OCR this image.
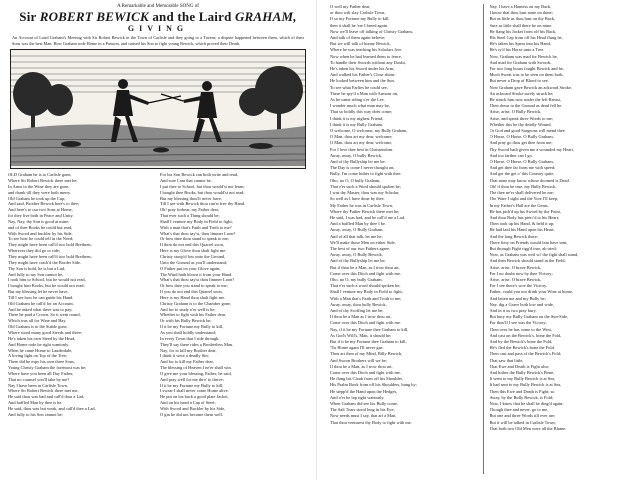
A Remarkable and Memorable SONG of
Sir ROBERT BEWICK and the Laird GRAHAM,
GIVING
An Account of Laird Graham's Meeting with Sir Robert Bewick in the Town of Carlisle and they going to a Tavern; a dispute happened between them, which of their Sons was the best Man. How Graham rode Home in a Passion, and caused his Son to fight young Bewick, which proved their Death.
OLD Graham he is to Carlisle gone,
Where Sir Robert Bewick there met he;
In Arms to the Wine they are gone,
and drank till they were both merry.
Old Graham he took up the Cup,
And said, Brother Bewick here's to thee;
And here's to our two Sons at Home,
for they live both in Peace and Unity.
Nay, Nay, thy Son is good at mine,
and of thee Books he could but read,
With Sword and buckler by his Side,
To see how he could tell in the Need;
They might have been call'd two bold Brethren,
Wherever they did go or ride;
They might have been call'd two bold Brethren,
They might have crack'd the Border Side.
Thy Son is bold, he is but a Lad,
And fully to my Son cannot be,
I took him to School, but he would not read,
I bought him Books, but he would not read;
But my blessing let he never have,
Till I see how he can guide his Hand.
Old Graham he call'd for an Account,
And he asked what there was to pay;
There he paid a Crown, So it went round,
Which was all for Wine and Hay.
Old Graham is to the Stable gone,
Where stood many good Steeds and three;
He's taken his own Steed by the Head,
And Home rode he right wantonly.
When he came Home to Lauderdale,
A loving light on Top of the Tree;
There did he espy his own three Sons,
Young Christy Graham the foremost was he;
Where have you been all Day Father,
That no counsel you'll take by me?
Nay I have been in Carlisle Town,
Where Sir Robert Bewick there met me,
He said thou was bad and call'd thou a Lad,
And baffled Man by thee is he.
He said, thou was but weak, and call'd thee a Lad,
And fully to his Son cannot be;
For his Son Bewick can both write and read,
And sure I am that cannot be.
I put thee to School, but thou would'st not learn;
I bought thee Books, but thou would'st not read;
But my blessing thou'lt never have,
Till I see with Bewick thou can'st free thy Hand.
Oh! pray forbear, my Father dear,
That ever such a Thing should be;
Shall I venture my Body in Field to fight,
With a man that's Faith and Troth to me?
What's that thou say'st, thou limmer Loon?
Or how dare thou stand to speak to me;
If thou do not end this Quarrel soon,
Here is my Glove thou shalt fight me.
Christy stoop'd low unto the Ground,
Unto the Ground as you'll understand;
O Father put on your Glove again,
The Wind hath blown it from your Hand.
What's that thou say'st thou limmer Loon?
Or how dare you stand to speak to me;
If you do not end this Quarrel soon,
Here is my Hand thou shalt fight me.
Christy Graham is to the Chamber gone,
And for to study o'er well is he;
Whether to fight with his Father dear,
Or with his Bully Bewick he;
If it be my Fortune my Bully to kill,
As you shall boldly understand;
In every Town that I ride through,
They'll say there rides a Brotherless Man.
Nay, for to kill my Brother dear,
I think it were a deadly Sin;
And for to kill my Father dear,
The blessing of Heaven I ne'er shall win.
O give me your blessing, Father, he said,
And pray well for me thro' to thrive;
If it be my Fortune my Bully to kill,
I swear I shall never come Home alive.
He put on his back a good plate Jacket,
And on his head a Cap of Steel;
With Sword and Buckler by his Side,
O gin he did not become them well.
O well my Father dear,
or thou wilt slay Carlisle Town,
If so my Fortune my Bully to kill,
then it shall be 'ere I breed again.
Now we'll leave off talking of Christy Graham,
And talk of them again believe;
But we will talk of bonny Bewick,
Where he was teaching his Scholars five.
Now when he had learned them to fence,
To handle their Swords without any Doubt,
He's taken his Sword under his Arm,
And walked his Father's Close about;
He looked between him and the Sun,
To see what Farlies he could see,
There he spy'd a Man with Armour on,
As he came riding o'er the Lee.
I wonder much what man may be,
That so boldly this way does come;
I think it is my nighest Friend,
I think it is my Bully Graham.
O welcome, O welcome, my Bully Graham,
O Man, thou art my dear, welcome;
O Man, thou art my dear, welcome,
For I love thee best in Christendom.
Away, away, O bully Bewick,
And of thy Bullyship let me be:
The Day is come I never thought on,
Bully, I'm come hither to fight with thee.
Oho, no O, O bully Graham,
That e'er such a Word should spoken be;
I was thy Master, thou was my Scholar,
So well as I have done by thee.
My Father he was in Carlisle Town,
Where thy Father Bewick there met he;
He said, I was bad, and he call'd me a Lad,
And a baffled Man by thee I be.
Away, away, O Bully Graham,
And of all that talk, let me be;
We'll make those Men on either Side,
The best of our two Fathers agree.
Away, away, O Bully Bewick,
And of thy Bullyship let me be;
But if thou be a Man, as I trow thou art,
Come over this Ditch and fight with me.
Oho, no O, my bully Graham,
That e'er such a word should spoken be;
Shall I venture my Body in Field to fight,
With a Man that's Faith and Troth to me;
Away, away, thou bully Bewick,
And of thy Scoffing let me be;
If thou be a Man as I trow thou art,
Come over this Ditch and fight with me.
Nay, if it be my Fortune thee Graham to kill,
As God's Will's, Man, it should be;
But if it be my Fortune thee Graham to kill,
'Tis Home again I'll never gae.
Thou art then of my Mind, Billy Bewick,
And Sworn Brothers will we be;
If thou be a Man, as I trow thou art,
Come over this Ditch and fight with me.
He flang his Cloak from off his Shoulder,
His Psalm Book from off his Shoulders, hung by;
He stepp'd the Hand upon the Hedges,
And o'er he lap right wantonly.
When Graham did see his Bully come,
The Salt Tears stood long in his Eye;
Now needs must I say, that art a Man,
That thou venturest thy Body to fight with me.
Nay, I have a Harness on my Back,
I know that thou hast none on thine;
But as little as thou hast on thy Back,
Sure as little shall there be on mine.
He flang his Jacket from off his Back,
His Steel Cap from off his Head flung he,
He's taken his Spear into his Hand,
He's ty'd his Horse unto a Tree.
Now, Graham was mad for Bewick he,
And mad for Graham with Swords,
For two long hours fought Bewick and he,
Much Sweat was to be seen on them both,
But never a Drop of Blood to see.
Now Graham gave Bewick an ackward Stroke,
An ackward Stroke surely struck he;
He struck him now under the left Breast,
Then down to the Ground as dead fell he.
Arise, arise, O Bully Bewick,
Arise, and speak three Words to me;
Whether this be thy deadly Wound,
Or God and good Surgeons will mend thee.
O Horse, O Horse, O Bully Graham,
And pray go thou get thee from me;
Thy Sword hath given me a wounded my Heart,
And too farther can I go.
O Horse, O Horse, O Bully Graham,
And get thee far from me with speed;
And get the get o' this Country quite,
That none may know whose doomed is Dead.
Oh! if thou be true, my Bully Bewick,
The thee ne'er shall delivered be me;
The Ware I sight and the Yore I'll keep,
In my Father's Hall are the Gems.
He has pick'd up his Sword by the Point,
And thou Body has pierc'd to his Heart;
Then took up his Hand, & held it up;
He had laid his Hand upon his Heart,
And the long Bewick there;
There fiery on Friends would fain have sent,
But through Fight rigg'd true, ah tried;
Now, as Graham was wed wi' the fight shall stand,
And then Bewick should stand in the Field;
Arise, arise, O brave Bewick,
For I no doubt now by thee Victory;
Arise, arise, O brave Bewick,
For I see there's woe the Victory.
Father, could you not drink your Wine at home,
And letten me and my Bully be;
Nay, dig a Grave both low and wide,
And in it us two pray bury.
But bury my Bully Graham on the Sun-Side,
For thou'll I see was the Victory;
Then over he has come to the West,
And cast on the Bewick's, bone the Fold,
And by the Bewick's bone the Fold,
He's fled the Bewick's bone the Fold.
Then cast and pass of the Bewick's Fold;
That saw that little,
That Ewe and Death is Fight also;
And hither the Bully Bewick's Bone,
It went to my Bully Bewick is at Sea,
It had sent to my Bully Bewick is at Sea,
Then this Ewe and Death is Fight; so
Away, by the Bully Bewick, is Fold;
Now, I know that he shall be ding'd again;
Though thee and never, go to me,
But one and three Words till ever are;
But it will be talked in Carlisle Town,
That both two Old Men were all the Blame.
